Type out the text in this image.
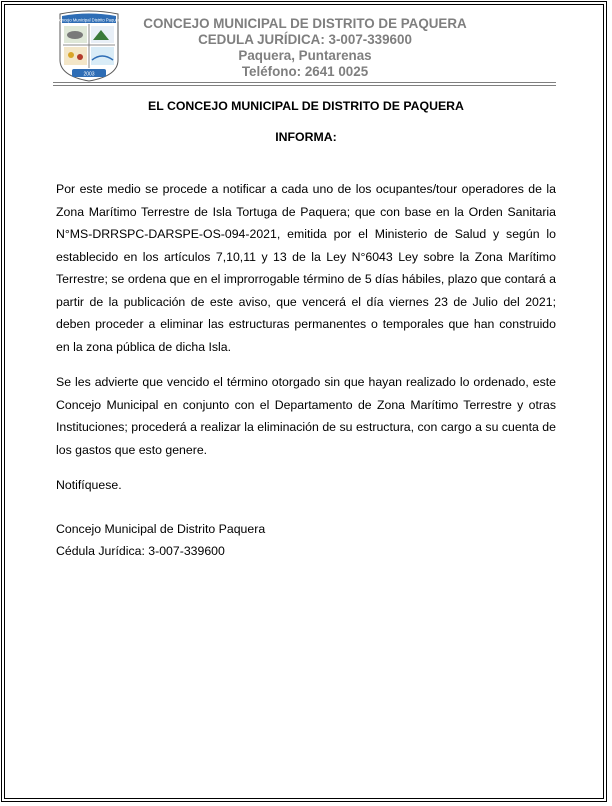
Concejo Municipal Distrito Paquera
2003
CONCEJO MUNICIPAL DE DISTRITO DE PAQUERA
CEDULA JURÍDICA: 3-007-339600
Paquera, Puntarenas
Teléfono: 2641 0025
EL CONCEJO MUNICIPAL DE DISTRITO DE PAQUERA
INFORMA:

Por este medio se procede a notificar a cada uno de los ocupantes/tour operadores de la Zona Marítimo Terrestre de Isla Tortuga de Paquera; que con base en la Orden Sanitaria N°MS-DRRSPC-DARSPE-OS-094-2021, emitida por el Ministerio de Salud y según lo establecido en los artículos 7,10,11 y 13 de la Ley N°6043 Ley sobre la Zona Marítimo Terrestre; se ordena que en el improrrogable término de 5 días hábiles, plazo que contará a partir de la publicación de este aviso, que vencerá el día viernes 23 de Julio del 2021; deben proceder a eliminar las estructuras permanentes o temporales que han construido en la zona pública de dicha Isla.

Se les advierte que vencido el término otorgado sin que hayan realizado lo ordenado, este Concejo Municipal en conjunto con el Departamento de Zona Marítimo Terrestre y otras Instituciones; procederá a realizar la eliminación de su estructura, con cargo a su cuenta de los gastos que esto genere.

Notifíquese.
Concejo Municipal de Distrito Paquera
Cédula Jurídica: 3-007-339600
